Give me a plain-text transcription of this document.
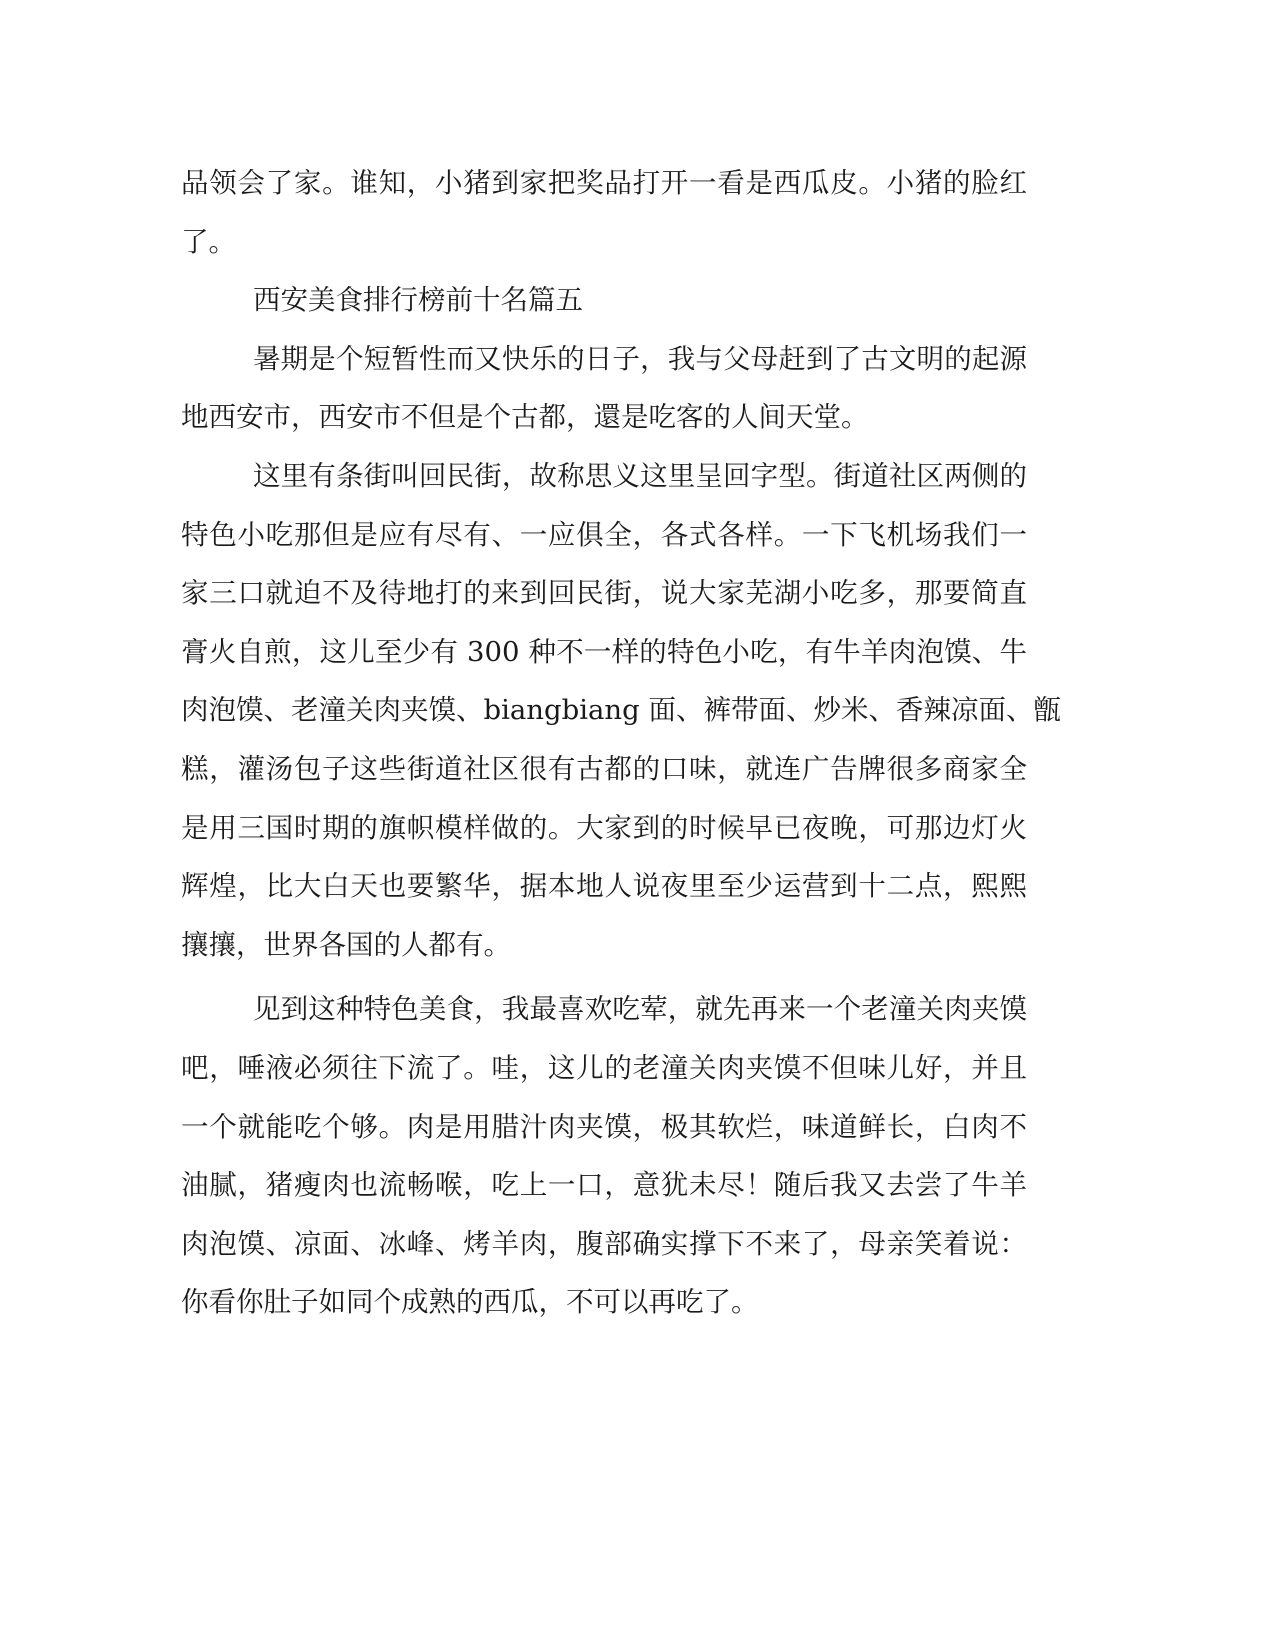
品领会了家。谁知，小猪到家把奖品打开一看是西瓜皮。小猪的脸红
了。
西安美食排行榜前十名篇五
暑期是个短暂性而又快乐的日子，我与父母赶到了古文明的起源
地西安市，西安市不但是个古都，還是吃客的人间天堂。
这里有条街叫回民街，故称思义这里呈回字型。街道社区两侧的
特色小吃那但是应有尽有、一应俱全，各式各样。一下飞机场我们一
家三口就迫不及待地打的来到回民街，说大家芜湖小吃多，那要简直
膏火自煎，这儿至少有 300 种不一样的特色小吃，有牛羊肉泡馍、牛
肉泡馍、老潼关肉夹馍、biangbiang 面、裤带面、炒米、香辣凉面、甑
糕，灌汤包子这些街道社区很有古都的口味，就连广告牌很多商家全
是用三国时期的旗帜模样做的。大家到的时候早已夜晚，可那边灯火
辉煌，比大白天也要繁华，据本地人说夜里至少运营到十二点，熙熙
攘攘，世界各国的人都有。
见到这种特色美食，我最喜欢吃荤，就先再来一个老潼关肉夹馍
吧，唾液必须往下流了。哇，这儿的老潼关肉夹馍不但味儿好，并且
一个就能吃个够。肉是用腊汁肉夹馍，极其软烂，味道鲜长，白肉不
油腻，猪瘦肉也流畅喉，吃上一口，意犹未尽！随后我又去尝了牛羊
肉泡馍、凉面、冰峰、烤羊肉，腹部确实撑下不来了，母亲笑着说：
你看你肚子如同个成熟的西瓜，不可以再吃了。
